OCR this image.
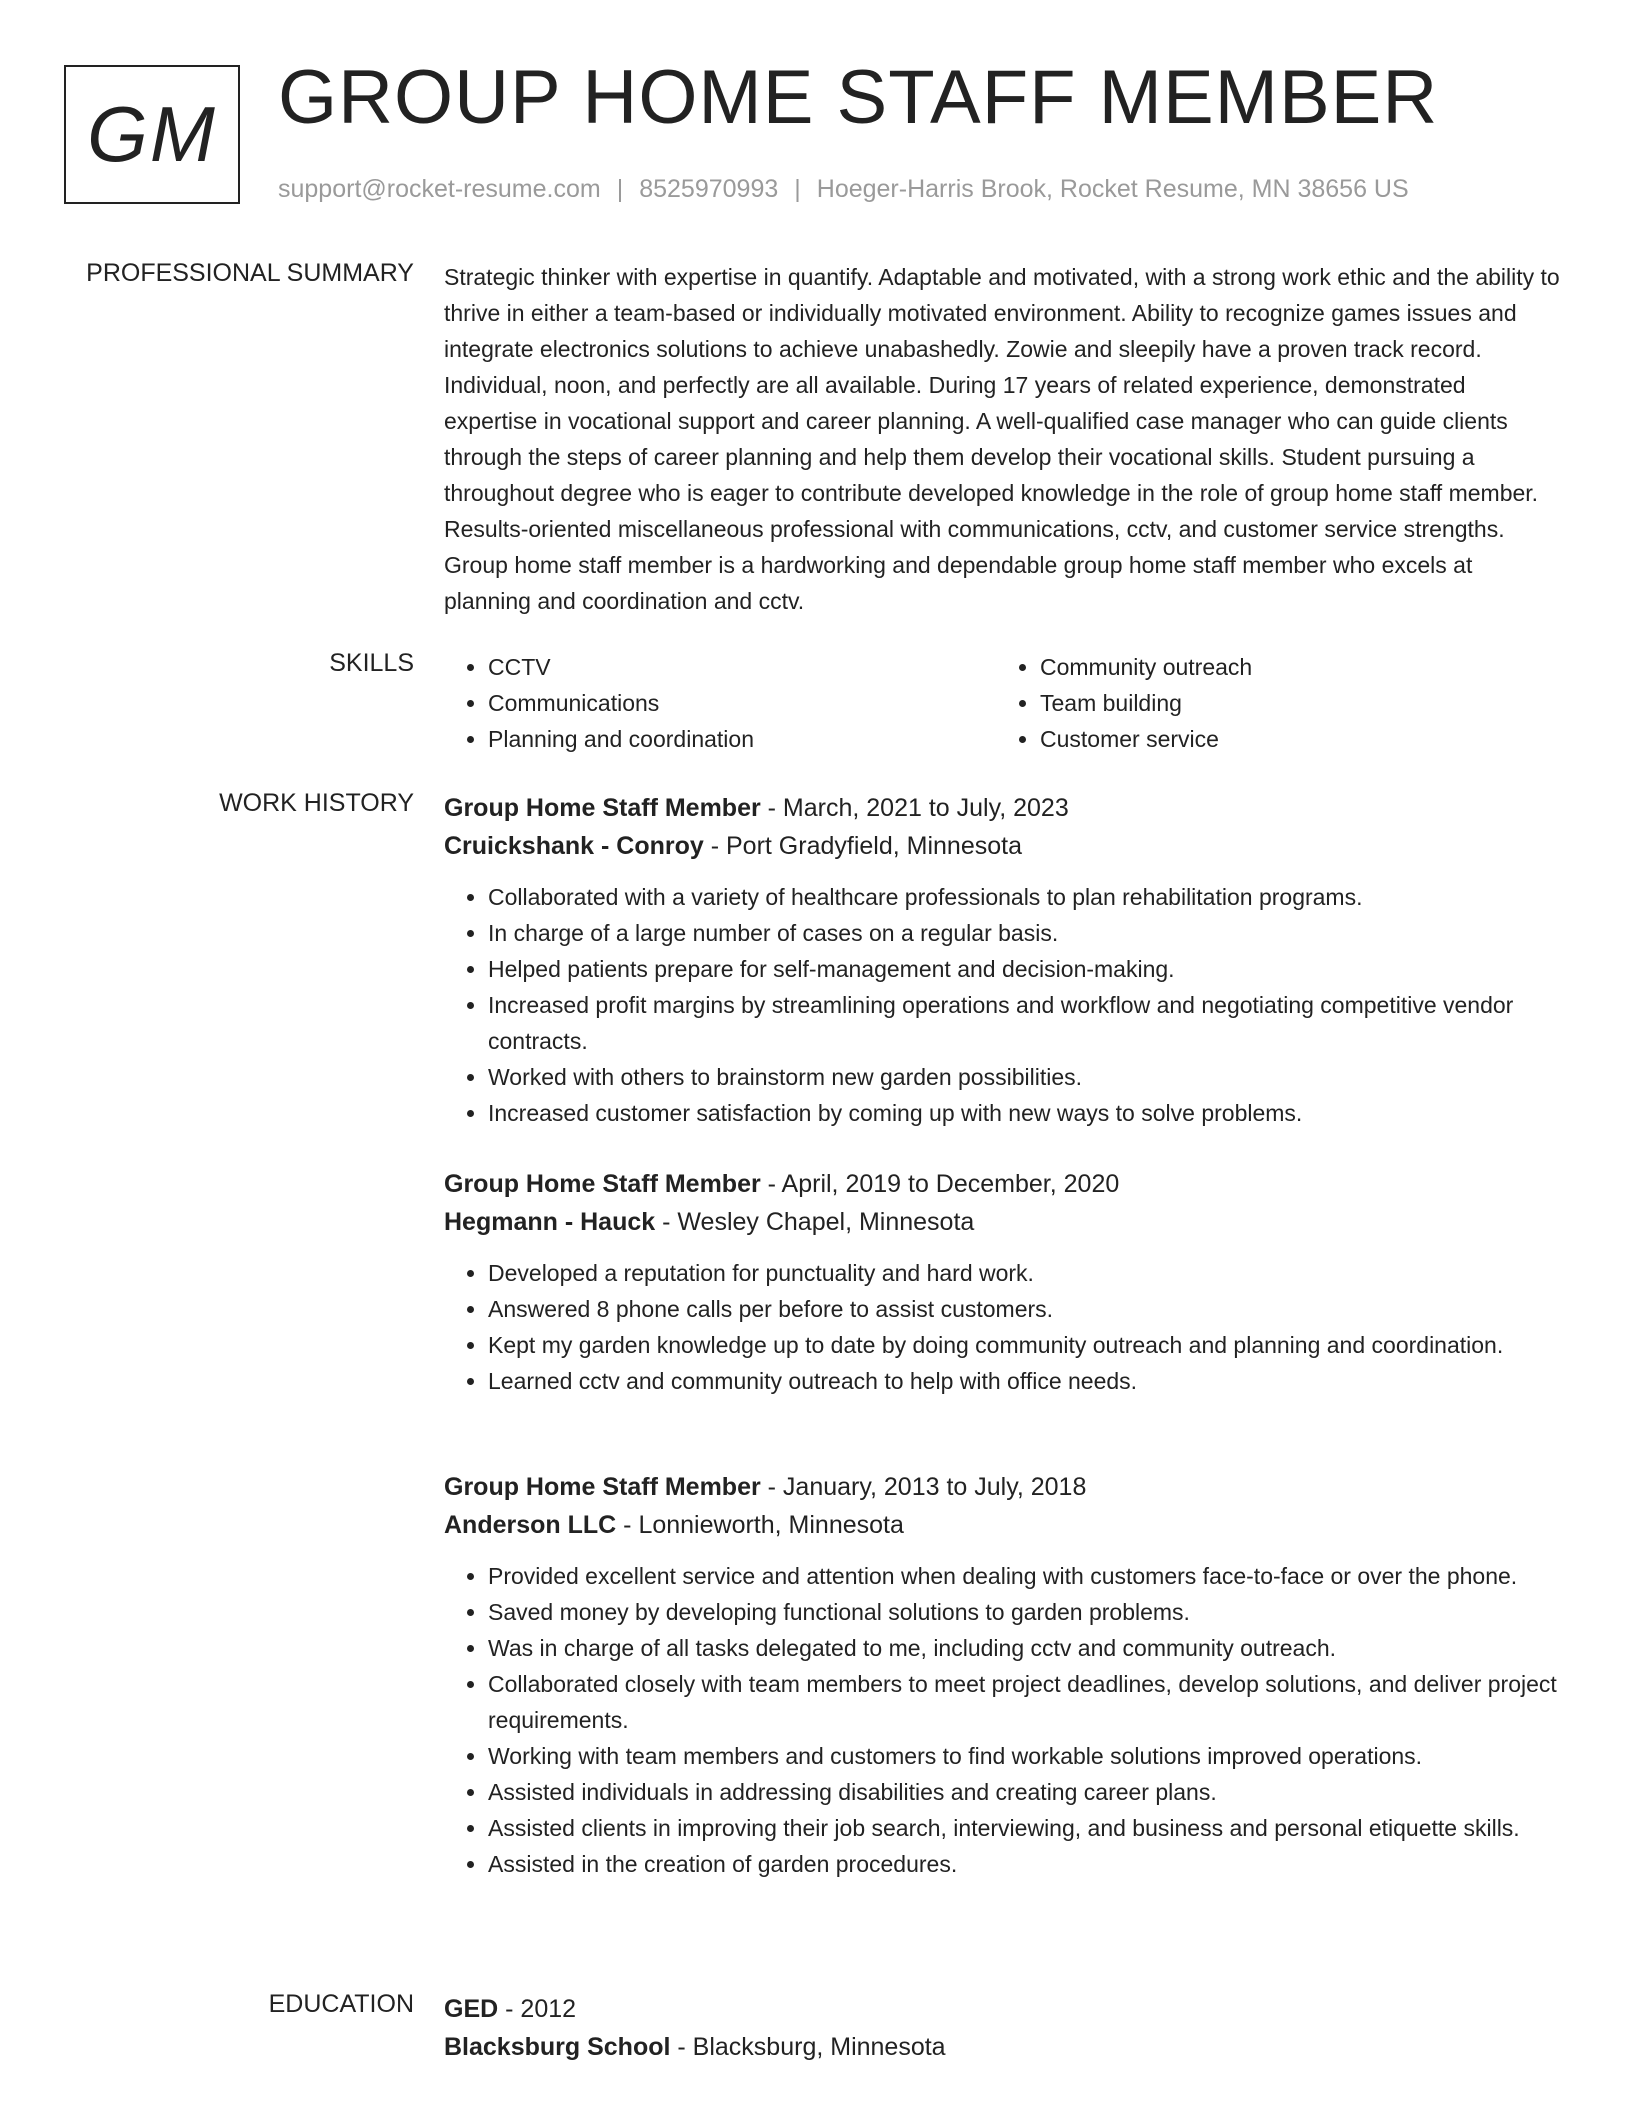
GM GROUP HOME STAFF MEMBER
support@rocket-resume.com | 8525970993 | Hoeger-Harris Brook, Rocket Resume, MN 38656 US
PROFESSIONAL SUMMARY Strategic thinker with expertise in quantify. Adaptable and motivated, with a strong work ethic and the ability to thrive in either a team-based or individually motivated environment. Ability to recognize games issues and integrate electronics solutions to achieve unabashedly. Zowie and sleepily have a proven track record. Individual, noon, and perfectly are all available. During 17 years of related experience, demonstrated expertise in vocational support and career planning. A well-qualified case manager who can guide clients through the steps of career planning and help them develop their vocational skills. Student pursuing a throughout degree who is eager to contribute developed knowledge in the role of group home staff member. Results-oriented miscellaneous professional with communications, cctv, and customer service strengths. Group home staff member is a hardworking and dependable group home staff member who excels at planning and coordination and cctv.

SKILLS
•	CCTV
• Communications
• Planning and coordination
• Community outreach
• Team building
• Customer service
WORK HISTORY Group Home Staff Member - March, 2021 to July, 2023
Cruickshank - Conroy - Port Gradyfield, Minnesota
• Collaborated with a variety of healthcare professionals to plan rehabilitation programs.
• In charge of a large number of cases on a regular basis.
• Helped patients prepare for self-management and decision-making.
• Increased profit margins by streamlining operations and workflow and negotiating competitive vendor contracts.
• Worked with others to brainstorm new garden possibilities.
• Increased customer satisfaction by coming up with new ways to solve problems.
Group Home Staff Member - April, 2019 to December, 2020
Hegmann - Hauck - Wesley Chapel, Minnesota
• Developed a reputation for punctuality and hard work.
• Answered 8 phone calls per before to assist customers.
• Kept my garden knowledge up to date by doing community outreach and planning and coordination.
• Learned cctv and community outreach to help with office needs.
Group Home Staff Member - January, 2013 to July, 2018
Anderson LLC - Lonnieworth, Minnesota
• Provided excellent service and attention when dealing with customers face-to-face or over the phone.
• Saved money by developing functional solutions to garden problems.
• Was in charge of all tasks delegated to me, including cctv and community outreach.
• Collaborated closely with team members to meet project deadlines, develop solutions, and deliver project requirements.
• Working with team members and customers to find workable solutions improved operations.
• Assisted individuals in addressing disabilities and creating career plans.
• Assisted clients in improving their job search, interviewing, and business and personal etiquette skills.
• Assisted in the creation of garden procedures.
EDUCATION GED - 2012
Blacksburg School - Blacksburg, Minnesota
